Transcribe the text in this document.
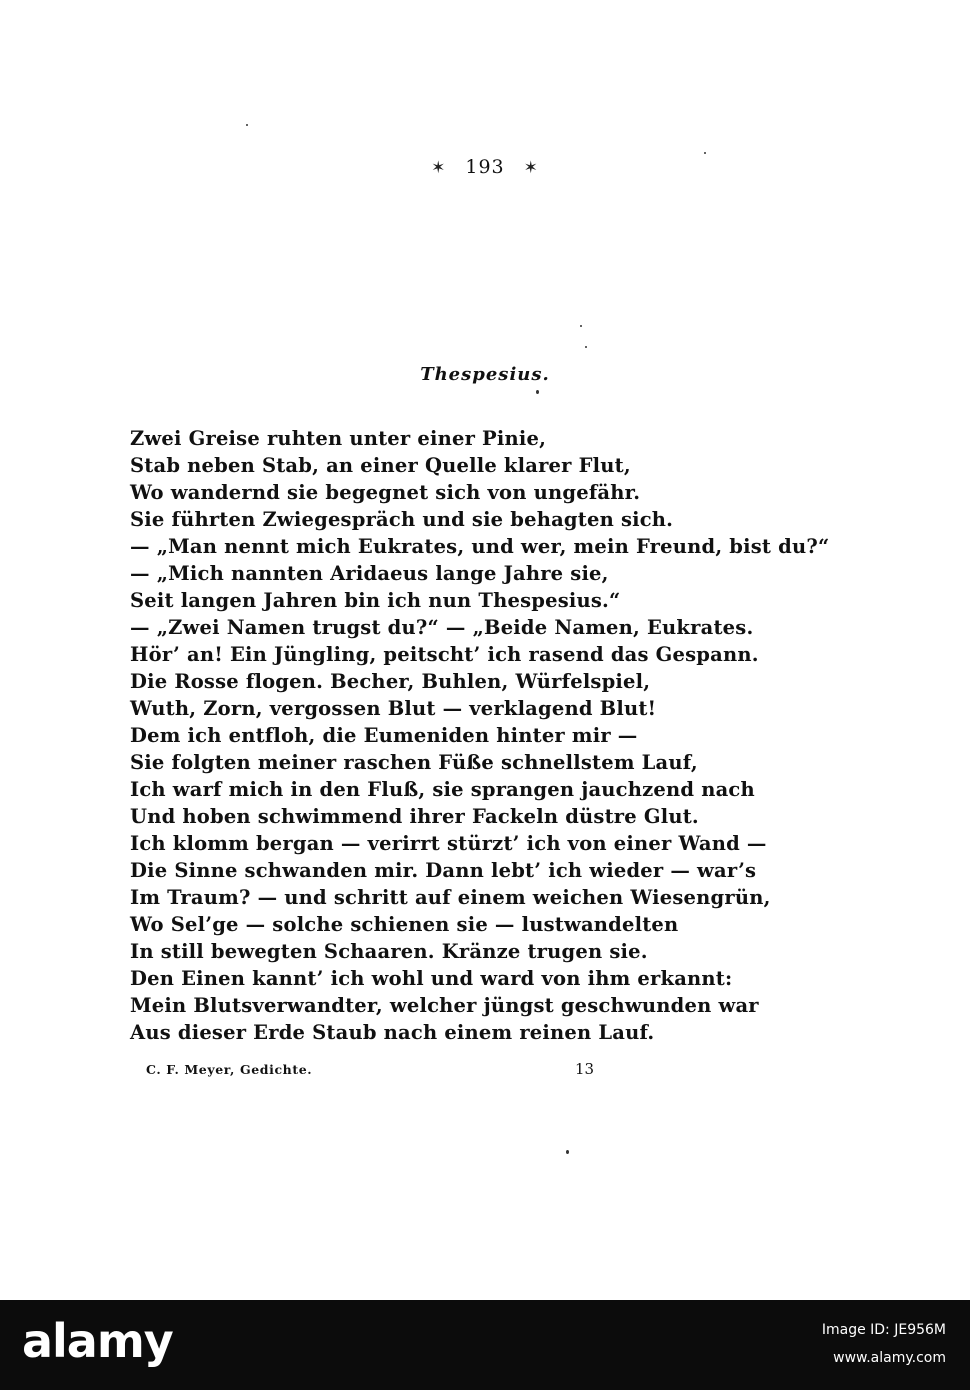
✶ 193 ✶
Thespesius.
Zwei Greise ruhten unter einer Pinie,
Stab neben Stab, an einer Quelle klarer Flut,
Wo wandernd sie begegnet sich von ungefähr.
Sie führten Zwiegespräch und sie behagten sich.
— „Man nennt mich Eukrates, und wer, mein Freund, bist du?“
— „Mich nannten Aridaeus lange Jahre sie,
Seit langen Jahren bin ich nun Thespesius.“
— „Zwei Namen trugst du?“ — „Beide Namen, Eukrates.
Hör’ an! Ein Jüngling, peitscht’ ich rasend das Gespann.
Die Rosse flogen. Becher, Buhlen, Würfelspiel,
Wuth, Zorn, vergossen Blut — verklagend Blut!
Dem ich entfloh, die Eumeniden hinter mir —
Sie folgten meiner raschen Füße schnellstem Lauf,
Ich warf mich in den Fluß, sie sprangen jauchzend nach
Und hoben schwimmend ihrer Fackeln düstre Glut.
Ich klomm bergan — verirrt stürzt’ ich von einer Wand —
Die Sinne schwanden mir. Dann lebt’ ich wieder — war’s
Im Traum? — und schritt auf einem weichen Wiesengrün,
Wo Sel’ge — solche schienen sie — lustwandelten
In still bewegten Schaaren. Kränze trugen sie.
Den Einen kannt’ ich wohl und ward von ihm erkannt:
Mein Blutsverwandter, welcher jüngst geschwunden war
Aus dieser Erde Staub nach einem reinen Lauf.
C. F. Meyer, Gedichte.	13
alamy	Image ID: JE956M
www.alamy.com
